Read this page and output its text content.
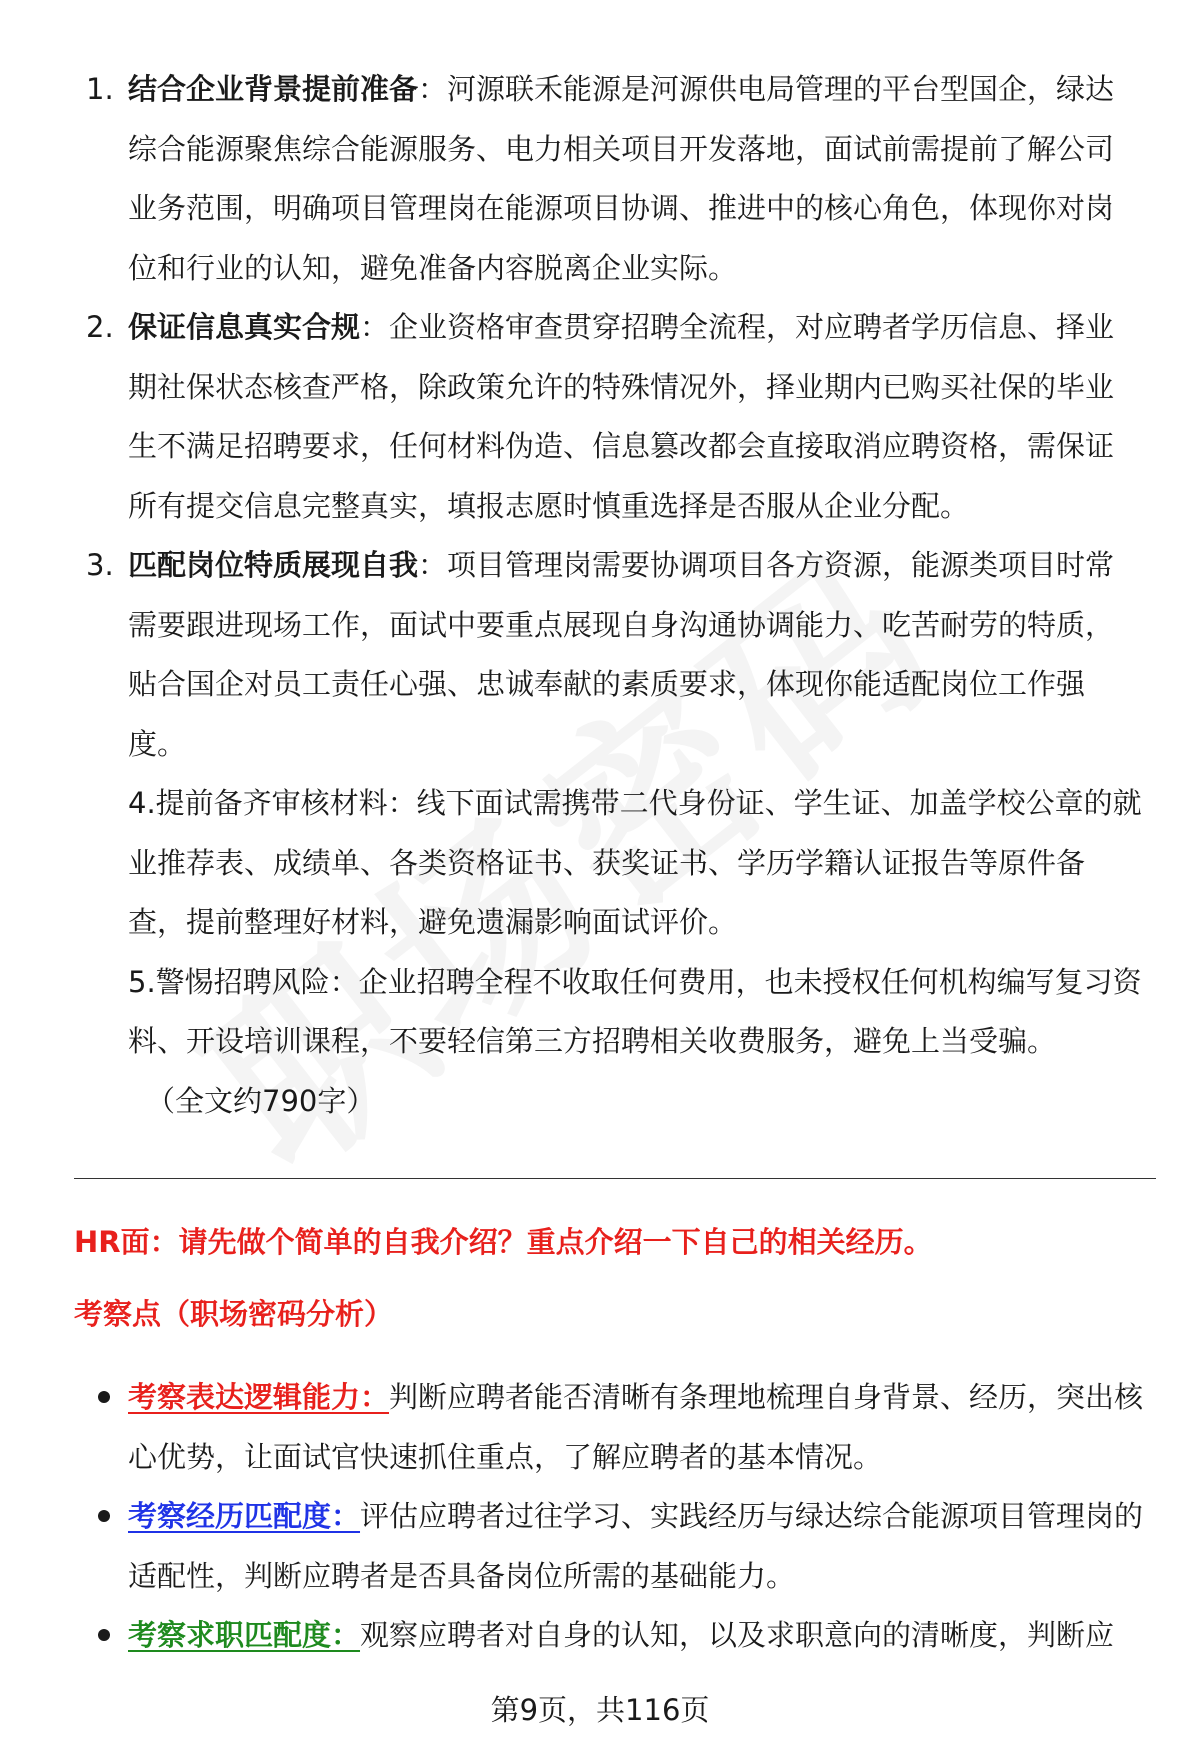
1. 结合企业背景提前准备：河源联禾能源是河源供电局管理的平台型国企，绿达综合能源聚焦综合能源服务、电力相关项目开发落地，面试前需提前了解公司业务范围，明确项目管理岗在能源项目协调、推进中的核心角色，体现你对岗位和行业的认知，避免准备内容脱离企业实际。
2. 保证信息真实合规：企业资格审查贯穿招聘全流程，对应聘者学历信息、择业期社保状态核查严格，除政策允许的特殊情况外，择业期内已购买社保的毕业生不满足招聘要求，任何材料伪造、信息篡改都会直接取消应聘资格，需保证所有提交信息完整真实，填报志愿时慎重选择是否服从企业分配。
3. 匹配岗位特质展现自我：项目管理岗需要协调项目各方资源，能源类项目时常需要跟进现场工作，面试中要重点展现自身沟通协调能力、吃苦耐劳的特质，贴合国企对员工责任心强、忠诚奉献的素质要求，体现你能适配岗位工作强度。
4.提前备齐审核材料：线下面试需携带二代身份证、学生证、加盖学校公章的就业推荐表、成绩单、各类资格证书、获奖证书、学历学籍认证报告等原件备查，提前整理好材料，避免遗漏影响面试评价。
5.警惕招聘风险：企业招聘全程不收取任何费用，也未授权任何机构编写复习资料、开设培训课程，不要轻信第三方招聘相关收费服务，避免上当受骗。
（全文约790字）
HR面：请先做个简单的自我介绍？重点介绍一下自己的相关经历。
考察点（职场密码分析）
考察表达逻辑能力：判断应聘者能否清晰有条理地梳理自身背景、经历，突出核心优势，让面试官快速抓住重点，了解应聘者的基本情况。
考察经历匹配度：评估应聘者过往学习、实践经历与绿达综合能源项目管理岗的适配性，判断应聘者是否具备岗位所需的基础能力。
考察求职匹配度：观察应聘者对自身的认知，以及求职意向的清晰度，判断应
第9页，共116页
